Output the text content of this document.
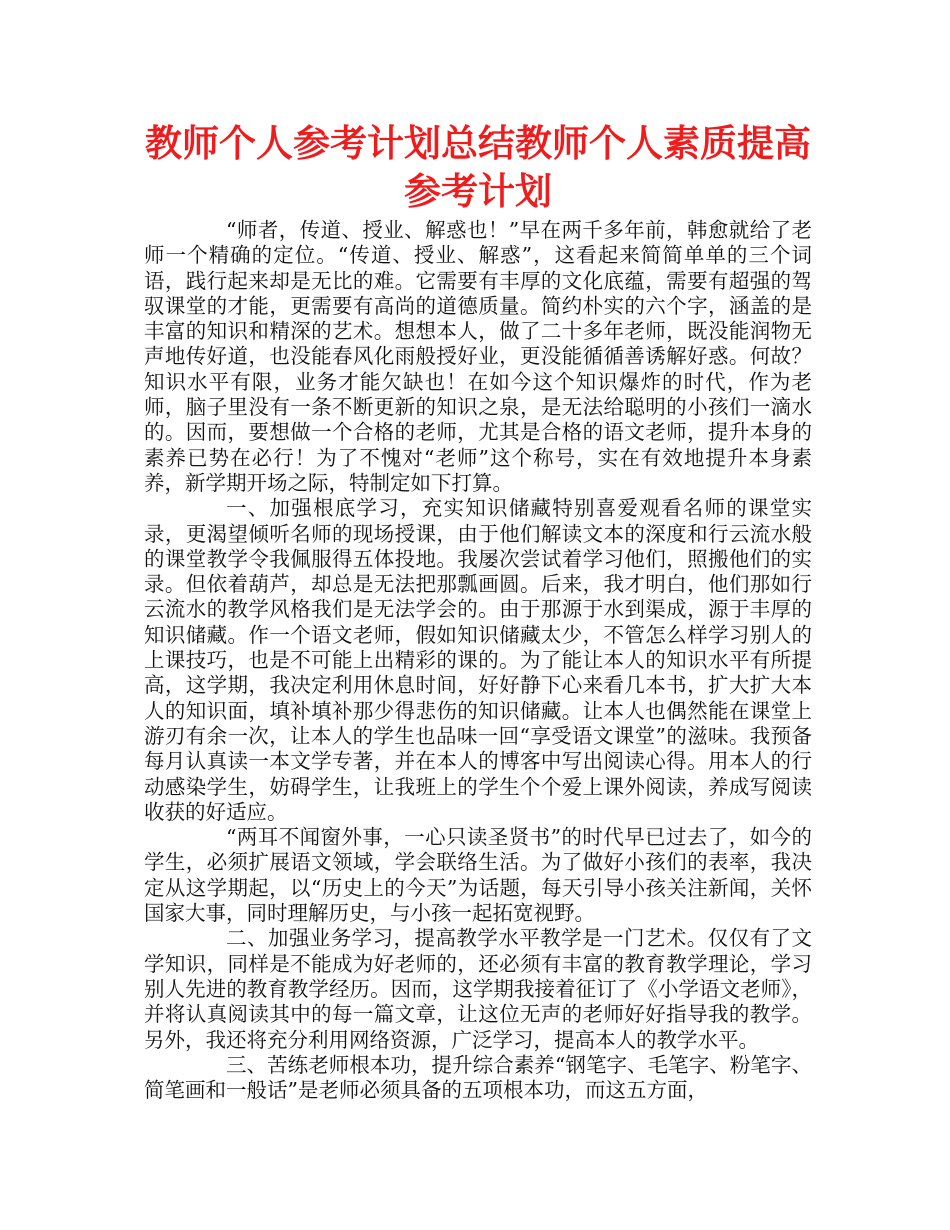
教师个人参考计划总结教师个人素质提高参考计划

“师者，传道、授业、解惑也！”早在两千多年前，韩愈就给了老师一个精确的定位。“传道、授业、解惑”，这看起来简简单单的三个词语，践行起来却是无比的难。它需要有丰厚的文化底蕴，需要有超强的驾驭课堂的才能，更需要有高尚的道德质量。简约朴实的六个字，涵盖的是丰富的知识和精深的艺术。想想本人，做了二十多年老师，既没能润物无声地传好道，也没能春风化雨般授好业，更没能循循善诱解好惑。何故？知识水平有限，业务才能欠缺也！在如今这个知识爆炸的时代，作为老师，脑子里没有一条不断更新的知识之泉，是无法给聪明的小孩们一滴水的。因而，要想做一个合格的老师，尤其是合格的语文老师，提升本身的素养已势在必行！为了不愧对“老师”这个称号，实在有效地提升本身素养，新学期开场之际，特制定如下打算。

一、加强根底学习，充实知识储藏特别喜爱观看名师的课堂实录，更渴望倾听名师的现场授课，由于他们解读文本的深度和行云流水般的课堂教学令我佩服得五体投地。我屡次尝试着学习他们，照搬他们的实录。但依着葫芦，却总是无法把那瓢画圆。后来，我才明白，他们那如行云流水的教学风格我们是无法学会的。由于那源于水到渠成，源于丰厚的知识储藏。作一个语文老师，假如知识储藏太少，不管怎么样学习别人的上课技巧，也是不可能上出精彩的课的。为了能让本人的知识水平有所提高，这学期，我决定利用休息时间，好好静下心来看几本书，扩大扩大本人的知识面，填补填补那少得悲伤的知识储藏。让本人也偶然能在课堂上游刃有余一次，让本人的学生也品味一回“享受语文课堂”的滋味。我预备每月认真读一本文学专著，并在本人的博客中写出阅读心得。用本人的行动感染学生，妨碍学生，让我班上的学生个个爱上课外阅读，养成写阅读收获的好适应。

“两耳不闻窗外事，一心只读圣贤书”的时代早已过去了，如今的学生，必须扩展语文领域，学会联络生活。为了做好小孩们的表率，我决定从这学期起，以“历史上的今天”为话题，每天引导小孩关注新闻，关怀国家大事，同时理解历史，与小孩一起拓宽视野。

二、加强业务学习，提高教学水平教学是一门艺术。仅仅有了文学知识，同样是不能成为好老师的，还必须有丰富的教育教学理论，学习别人先进的教育教学经历。因而，这学期我接着征订了《小学语文老师》，并将认真阅读其中的每一篇文章，让这位无声的老师好好指导我的教学。另外，我还将充分利用网络资源，广泛学习，提高本人的教学水平。

三、苦练老师根本功，提升综合素养“钢笔字、毛笔字、粉笔字、简笔画和一般话”是老师必须具备的五项根本功，而这五方面，
